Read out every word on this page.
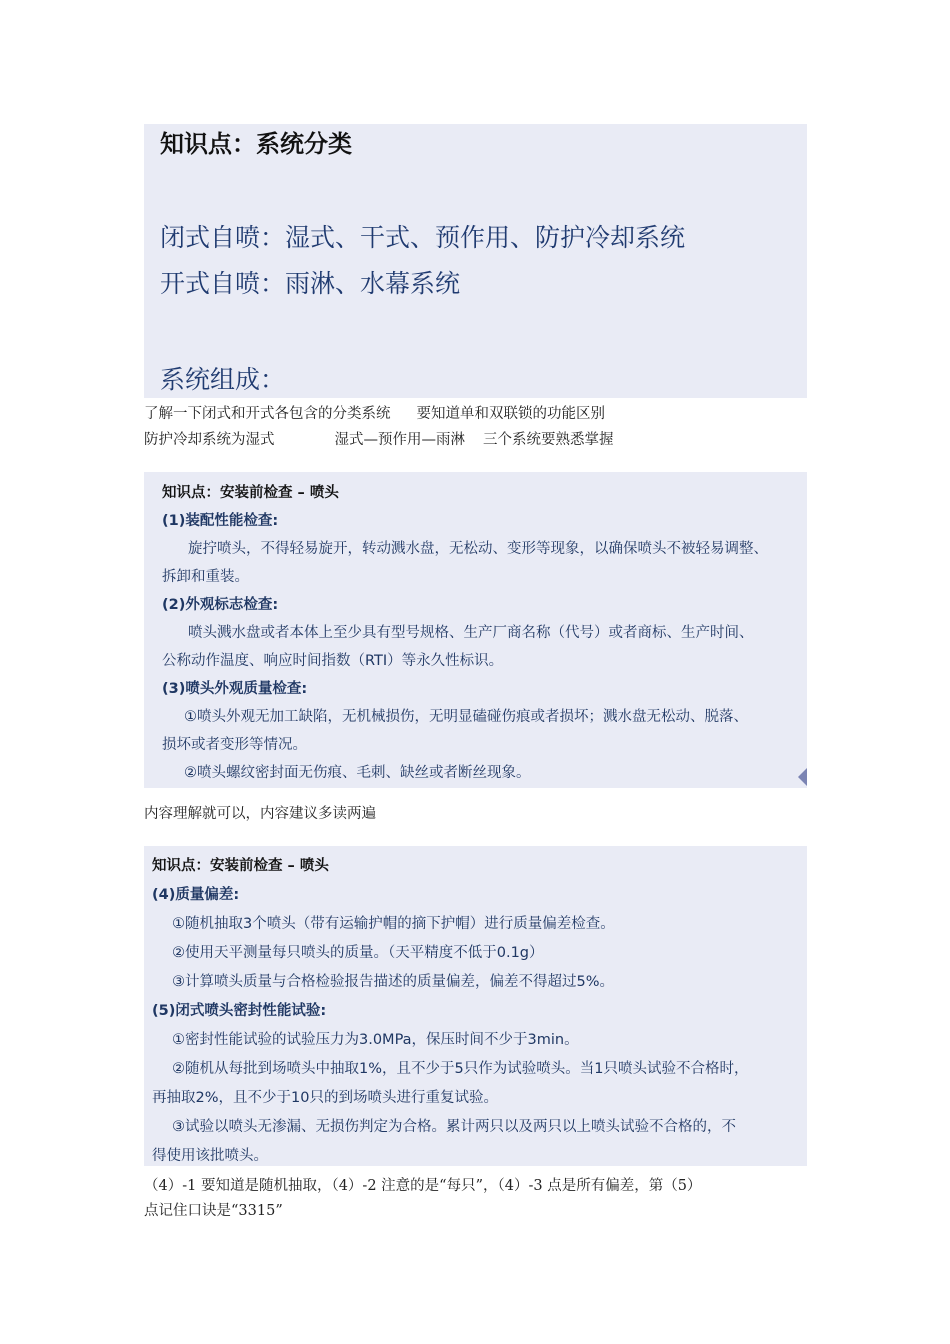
知识点：系统分类
闭式自喷：湿式、干式、预作用、防护冷却系统
开式自喷：雨淋、水幕系统
系统组成：
了解一下闭式和开式各包含的分类系统 要知道单和双联锁的功能区别
防护冷却系统为湿式	湿式—预作用—雨淋 三个系统要熟悉掌握
知识点：安装前检查 – 喷头
(1)装配性能检查:
旋拧喷头，不得轻易旋开，转动溅水盘，无松动、变形等现象，以确保喷头不被轻易调整、
拆卸和重装。
(2)外观标志检查:
喷头溅水盘或者本体上至少具有型号规格、生产厂商名称（代号）或者商标、生产时间、
公称动作温度、响应时间指数（RTI）等永久性标识。
(3)喷头外观质量检查:
①喷头外观无加工缺陷，无机械损伤，无明显磕碰伤痕或者损坏；溅水盘无松动、脱落、
损坏或者变形等情况。
②喷头螺纹密封面无伤痕、毛刺、缺丝或者断丝现象。
内容理解就可以，内容建议多读两遍
知识点：安装前检查 – 喷头
(4)质量偏差:
①随机抽取3个喷头（带有运输护帽的摘下护帽）进行质量偏差检查。
②使用天平测量每只喷头的质量。（天平精度不低于0.1g）
③计算喷头质量与合格检验报告描述的质量偏差，偏差不得超过5%。
(5)闭式喷头密封性能试验:
①密封性能试验的试验压力为3.0MPa，保压时间不少于3min。
②随机从每批到场喷头中抽取1%，且不少于5只作为试验喷头。当1只喷头试验不合格时，
再抽取2%，且不少于10只的到场喷头进行重复试验。
③试验以喷头无渗漏、无损伤判定为合格。累计两只以及两只以上喷头试验不合格的，不
得使用该批喷头。
（4）-1 要知道是随机抽取，（4）-2 注意的是“每只”，（4）-3 点是所有偏差，第（5）
点记住口诀是“3315”
